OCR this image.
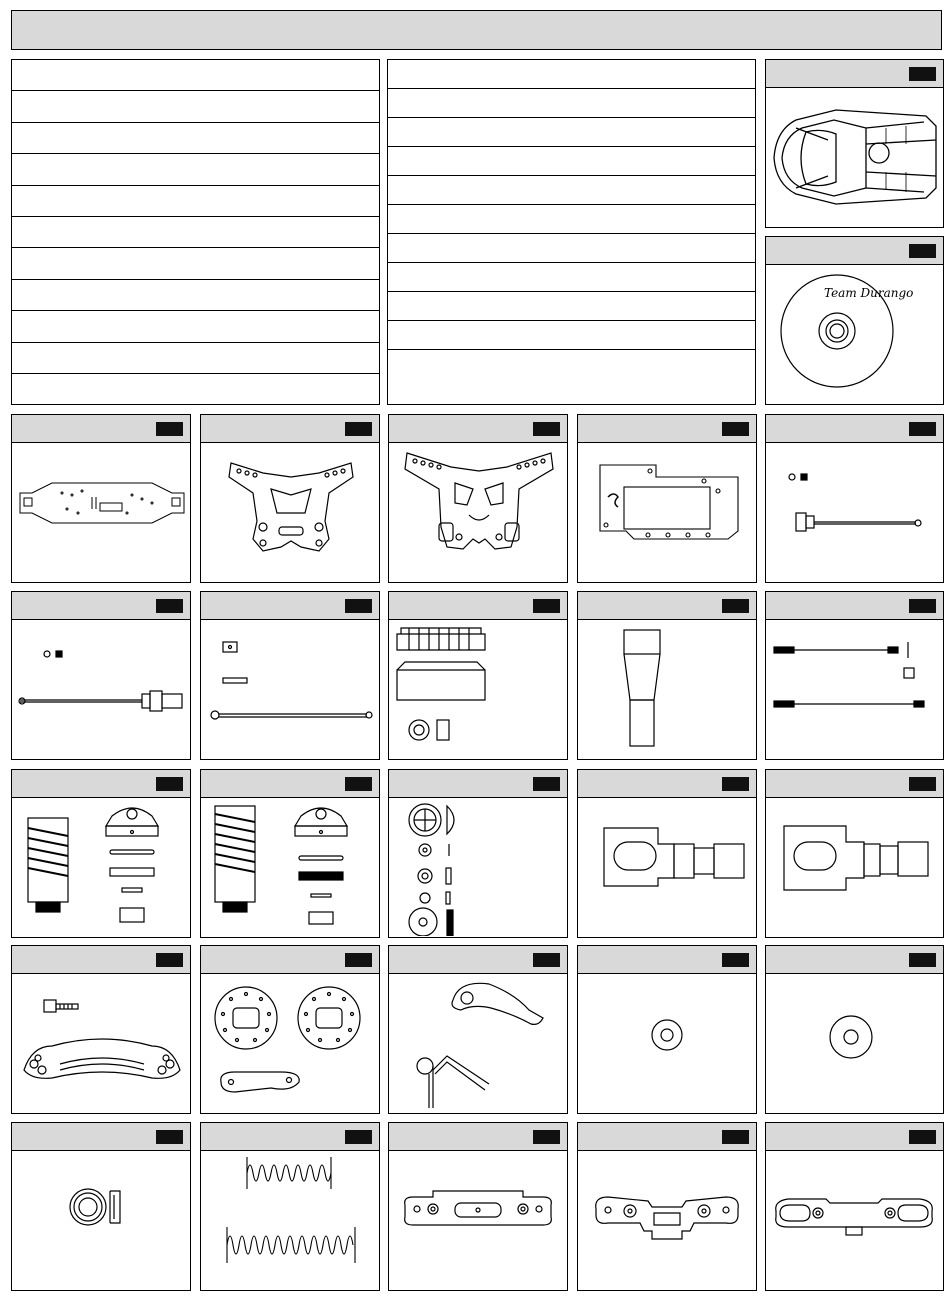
Team Durango
